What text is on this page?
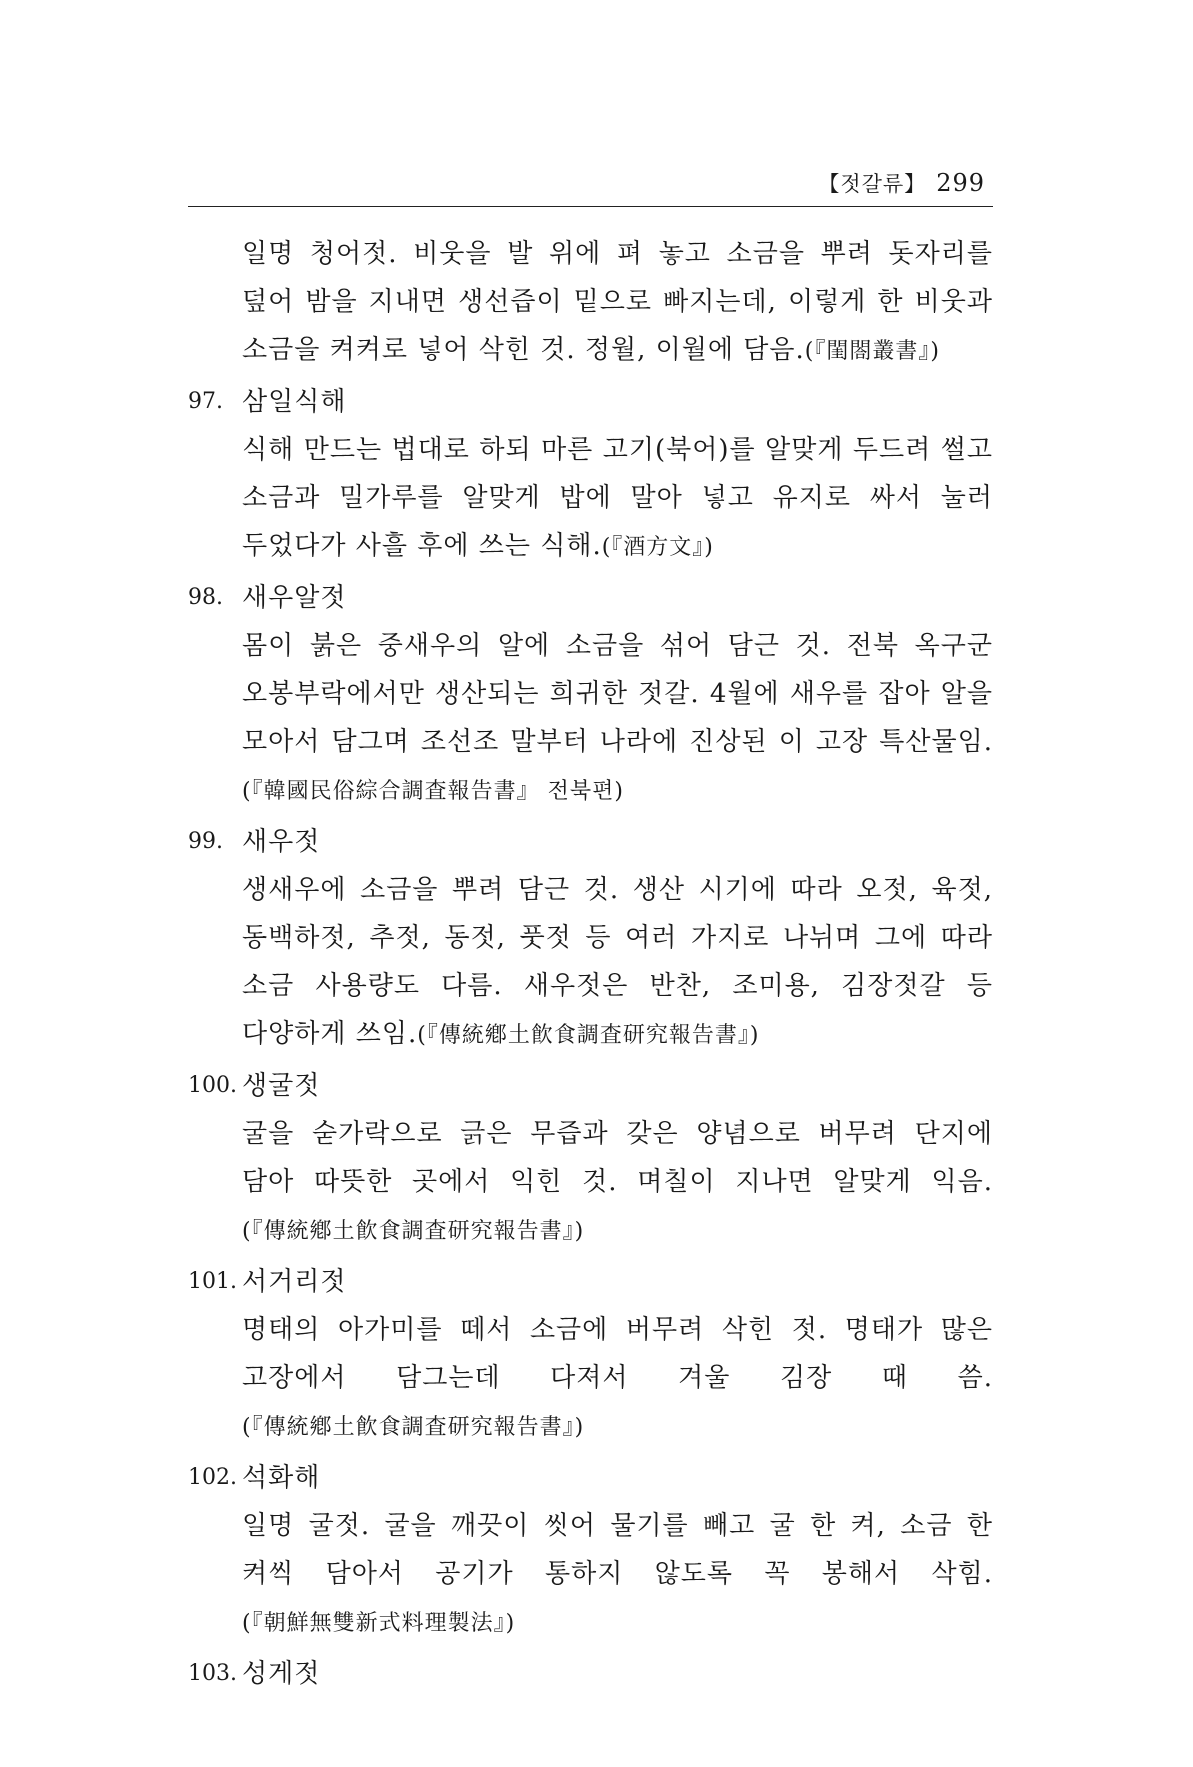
【젓갈류】 299
일명 청어젓. 비웃을 발 위에 펴 놓고 소금을 뿌려 돗자리를 덮어 밤을 지내면 생선즙이 밑으로 빠지는데, 이렇게 한 비웃과 소금을 켜켜로 넣어 삭힌 것. 정월, 이월에 담음.(『閨閤叢書』)
97. 삼일식해
식해 만드는 법대로 하되 마른 고기(북어)를 알맞게 두드려 썰고 소금과 밀가루를 알맞게 밥에 말아 넣고 유지로 싸서 눌러 두었다가 사흘 후에 쓰는 식해.(『酒方文』)
98. 새우알젓
몸이 붉은 중새우의 알에 소금을 섞어 담근 것. 전북 옥구군 오봉부락에서만 생산되는 희귀한 젓갈. 4월에 새우를 잡아 알을 모아서 담그며 조선조 말부터 나라에 진상된 이 고장 특산물임.(『韓國民俗綜合調査報告書』 전북편)
99. 새우젓
생새우에 소금을 뿌려 담근 것. 생산 시기에 따라 오젓, 육젓, 동백하젓, 추젓, 동젓, 풋젓 등 여러 가지로 나뉘며 그에 따라 소금 사용량도 다름. 새우젓은 반찬, 조미용, 김장젓갈 등 다양하게 쓰임.(『傳統鄕土飮食調査研究報告書』)
100. 생굴젓
굴을 숟가락으로 긁은 무즙과 갖은 양념으로 버무려 단지에 담아 따뜻한 곳에서 익힌 것. 며칠이 지나면 알맞게 익음.(『傳統鄕土飮食調査研究報告書』)
101. 서거리젓
명태의 아가미를 떼서 소금에 버무려 삭힌 젓. 명태가 많은 고장에서 담그는데 다져서 겨울 김장 때 씀.(『傳統鄕土飮食調査研究報告書』)
102. 석화해
일명 굴젓. 굴을 깨끗이 씻어 물기를 빼고 굴 한 켜, 소금 한 켜씩 담아서 공기가 통하지 않도록 꼭 봉해서 삭힘.(『朝鮮無雙新式料理製法』)
103. 성게젓
